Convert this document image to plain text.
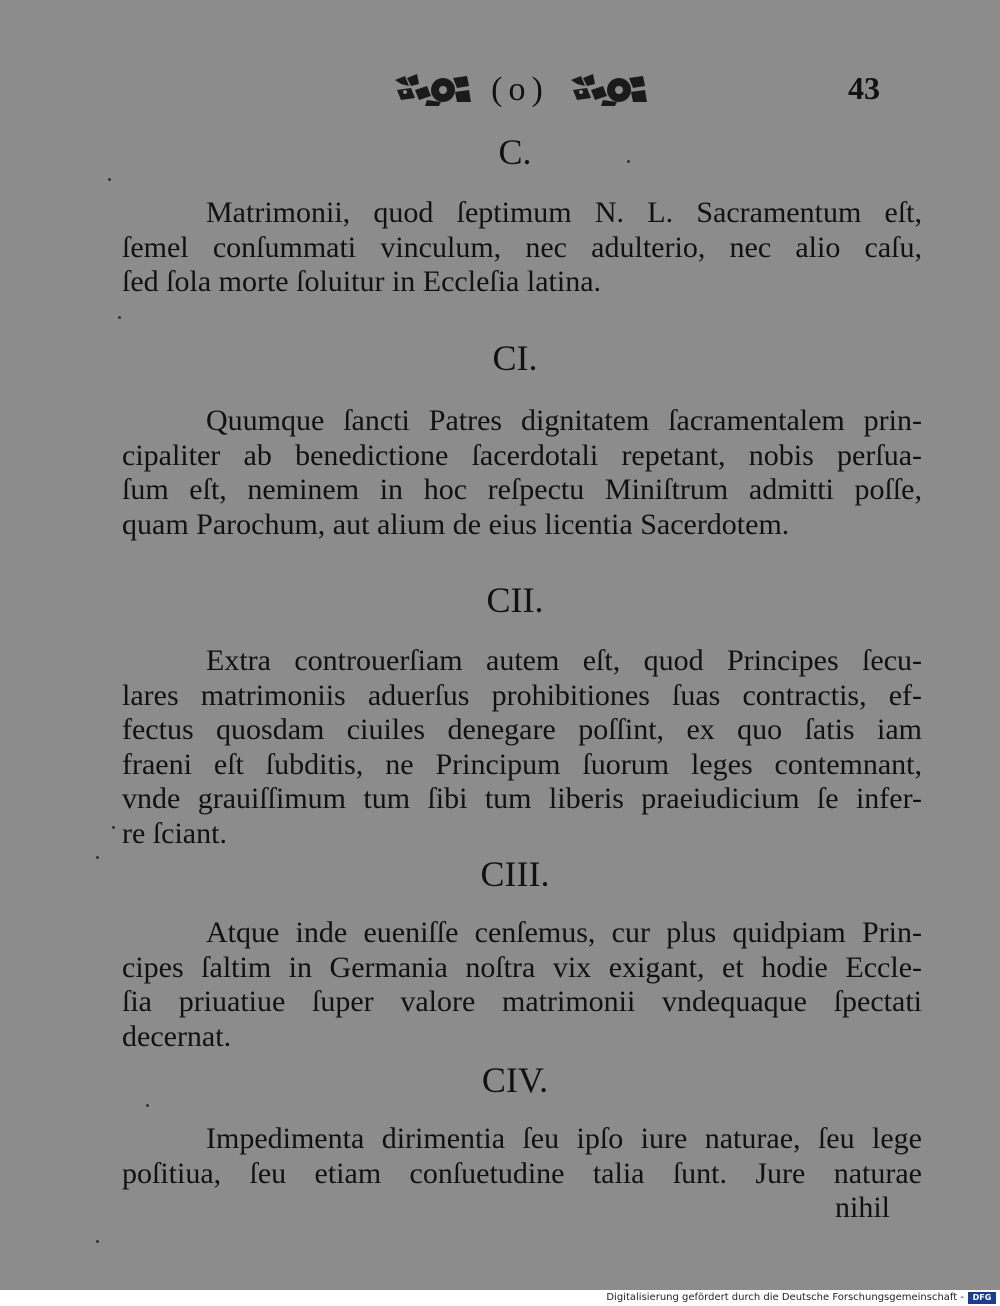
(o)	43
C.
Matrimonii, quod ſeptimum N. L. Sacramentum eſt,
ſemel conſummati vinculum, nec adulterio, nec alio caſu,
ſed ſola morte ſoluitur in Eccleſia latina.
CI.
Quumque ſancti Patres dignitatem ſacramentalem prin-
cipaliter ab benedictione ſacerdotali repetant, nobis perſua-
ſum eſt, neminem in hoc reſpectu Miniſtrum admitti poſſe,
quam Parochum, aut alium de eius licentia Sacerdotem.
CII.
Extra controuerſiam autem eſt, quod Principes ſecu-
lares matrimoniis aduerſus prohibitiones ſuas contractis, ef-
fectus quosdam ciuiles denegare poſſint, ex quo ſatis iam
fraeni eſt ſubditis, ne Principum ſuorum leges contemnant,
vnde grauiſſimum tum ſibi tum liberis praeiudicium ſe infer-
re ſciant.
CIII.
Atque inde eueniſſe cenſemus, cur plus quidpiam Prin-
cipes ſaltim in Germania noſtra vix exigant, et hodie Eccle-
ſia priuatiue ſuper valore matrimonii vndequaque ſpectati
decernat.
CIV.
Impedimenta dirimentia ſeu ipſo iure naturae, ſeu lege
poſitiua, ſeu etiam conſuetudine talia ſunt. Jure naturae
nihil
Digitalisierung gefördert durch die Deutsche Forschungsgemeinschaft -	DFG
